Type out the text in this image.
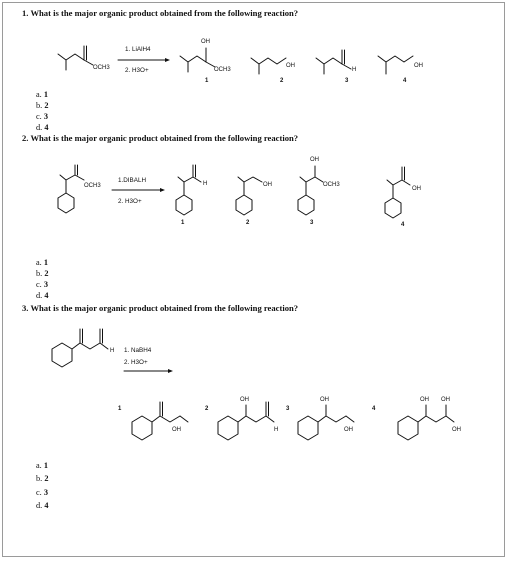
1. What is the major organic product obtained from the following reaction?
OCH3
1. LiAlH4
2. H3O+
OH
OCH3
1
OH
2
H
3
OH
4
a. 1
b. 2
c. 3
d. 4
2. What is the major organic product obtained from the following reaction?
OCH3
1.DIBALH
2. H3O+
H
1
OH
2
OH
OCH3
3
OH
4
a. 1
b. 2
c. 3
d. 4
3. What is the major organic product obtained from the following reaction?
H 1. NaBH4
2. H3O+
OH
1
OH
H
2
OH
OH
3
OH OH
OH
4
a. 1
b. 2
c. 3
d. 4
